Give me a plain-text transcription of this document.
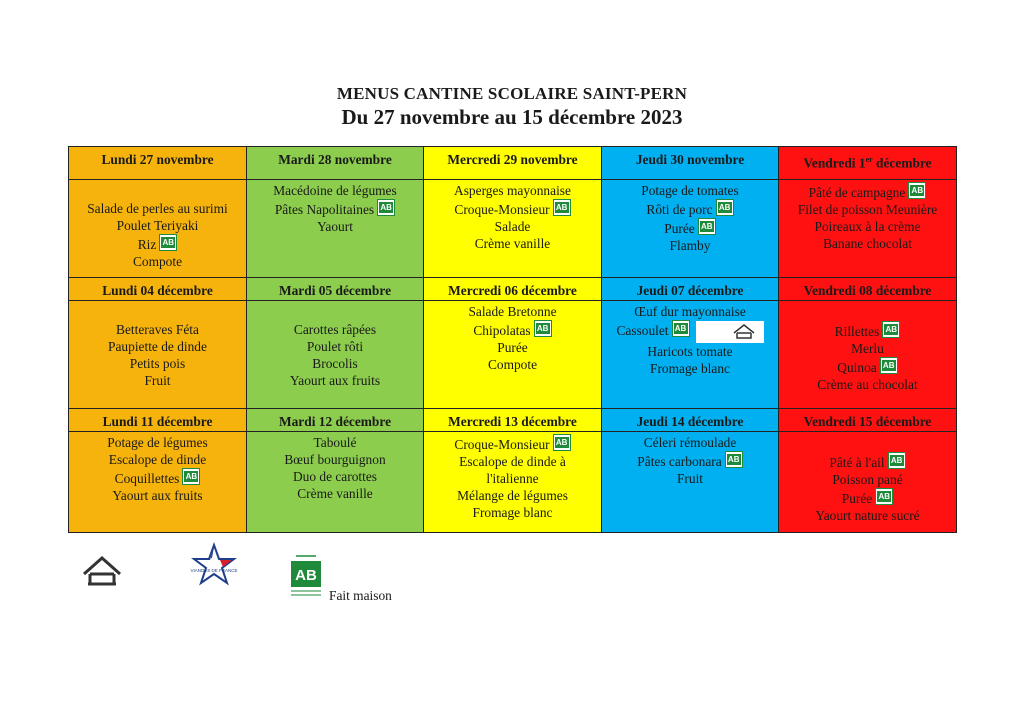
MENUS CANTINE SCOLAIRE SAINT-PERN
Du 27 novembre au 15 décembre 2023
Lundi 27 novembre	Mardi 28 novembre	Mercredi 29 novembre	Jeudi 30 novembre	Vendredi 1er décembre

Salade de perles au surimi
Poulet Teriyaki
RizAB
Compote	Macédoine de légumes
Pâtes NapolitainesAB
Yaourt	Asperges mayonnaise
Croque-MonsieurAB
Salade
Crème vanille	Potage de tomates
Rôti de porcAB
PuréeAB
Flamby	Pâté de campagneAB
Filet de poisson Meunière
Poireaux à la crème
Banane chocolat

Lundi 04 décembre	Mardi 05 décembre	Mercredi 06 décembre	Jeudi 07 décembre	Vendredi 08 décembre

Betteraves Féta
Paupiette de dinde
Petits pois
Fruit	Carottes râpées
Poulet rôti
Brocolis
Yaourt aux fruits	Salade Bretonne
ChipolatasAB
Purée
Compote	Œuf dur mayonnaise
CassouletAB
Haricots tomate
Fromage blanc	RillettesAB
Merlu
QuinoaAB
Crème au chocolat

Lundi 11 décembre	Mardi 12 décembre	Mercredi 13 décembre	Jeudi 14 décembre	Vendredi 15 décembre

Potage de légumes
Escalope de dinde
CoquillettesAB
Yaourt aux fruits	Taboulé
Bœuf bourguignon
Duo de carottes
Crème vanille	Croque-MonsieurAB
Escalope de dinde à
l'italienne
Mélange de légumes
Fromage blanc	Céleri rémoulade
Pâtes carbonaraAB
Fruit	Pâté à l'ailAB
Poisson pané
PuréeAB
Yaourt nature sucré
VIANDES DE FRANCE	AB
Fait maison
